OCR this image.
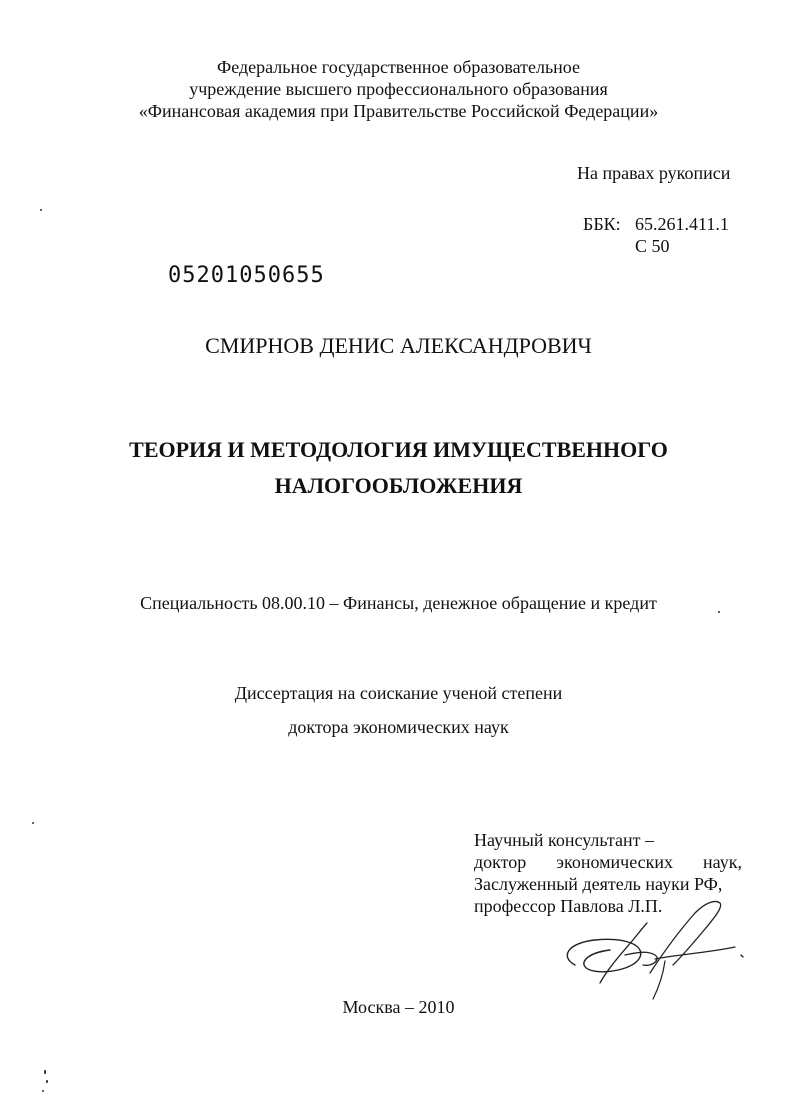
Федеральное государственное образовательное
учреждение высшего профессионального образования
«Финансовая академия при Правительстве Российской Федерации»
На правах рукописи
ББК: 65.261.411.1
С 50
05201050655
СМИРНОВ ДЕНИС АЛЕКСАНДРОВИЧ
ТЕОРИЯ И МЕТОДОЛОГИЯ ИМУЩЕСТВЕННОГО
НАЛОГООБЛОЖЕНИЯ
Специальность 08.00.10 – Финансы, денежное обращение и кредит
Диссертация на соискание ученой степени
доктора экономических наук
Научный консультант –
доктор экономических наук,
Заслуженный деятель науки РФ,
профессор Павлова Л.П.
Москва – 2010
